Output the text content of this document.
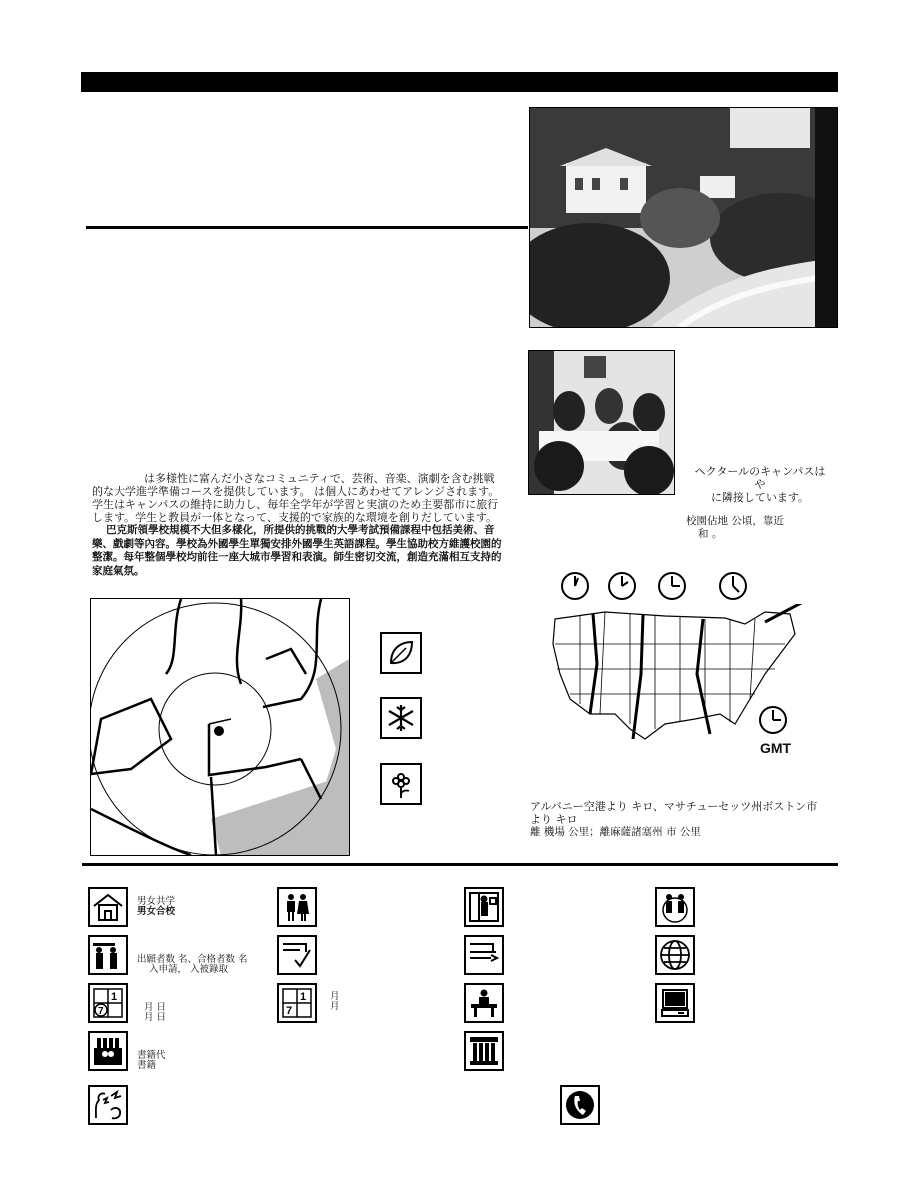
ヘクタールのキャンパスは
や
に隣接しています。
校園佔地 公頃，靠近
和 。
は多様性に富んだ小さなコミュニティで、芸術、音楽、演劇を含む挑戦的な大学進学準備コースを提供しています。 は個人にあわせてアレンジされます。学生はキャンパスの維持に助力し、毎年全学年が学習と実演のため主要都市に旅行します。学生と教員が一体となって、支援的で家族的な環境を創りだしています。
巴克斯領學校規模不大但多樣化，所提供的挑戰的大學考試預備課程中包括美術、音樂、戲劇等內容。學校為外國學生單獨安排外國學生英語課程。學生協助校方維護校園的整潔。每年整個學校均前往一座大城市學習和表演。師生密切交流，創造充滿相互支持的家庭氣氛。
GMT
アルバニー空港より キロ、マサチューセッツ州ボストン市
より キロ
離 機場 公里；離麻薩諸塞州 市 公里
男女共学
男女合校
出願者数 名、合格者数 名
入申請， 入被錄取
1
7	月 日
月 日
1
7
月
月
書籍代
書籍
